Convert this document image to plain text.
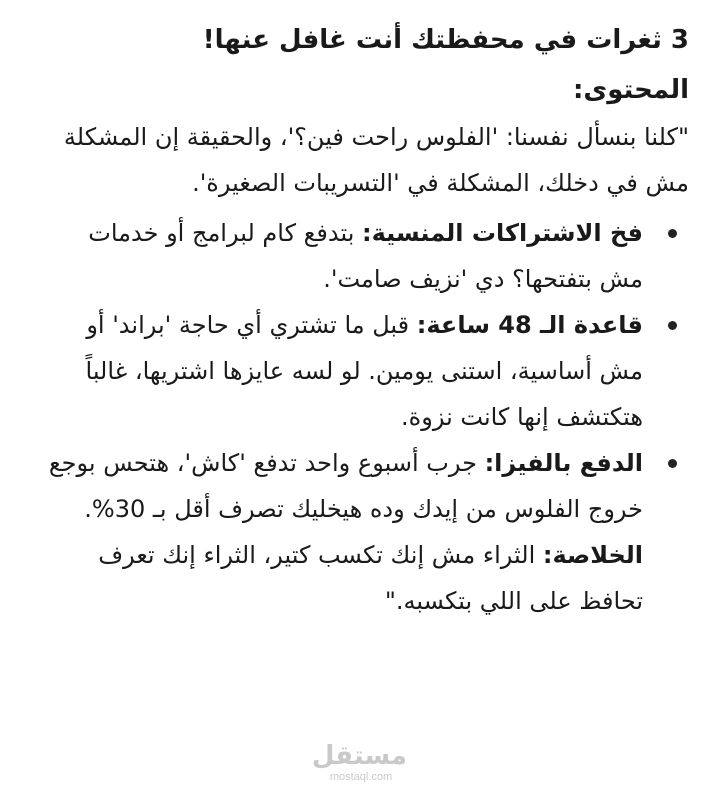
3 ثغرات في محفظتك أنت غافل عنها!

المحتوى:

"كلنا بنسأل نفسنا: 'الفلوس راحت فين؟'، والحقيقة إن المشكلة مش في دخلك، المشكلة في 'التسريبات الصغيرة'.

فخ الاشتراكات المنسية: بتدفع كام لبرامج أو خدمات مش بتفتحها؟ دي 'نزيف صامت'.
قاعدة الـ 48 ساعة: قبل ما تشتري أي حاجة 'براند' أو مش أساسية، استنى يومين. لو لسه عايزها اشتريها، غالباً هتكتشف إنها كانت نزوة.
الدفع بالفيزا: جرب أسبوع واحد تدفع 'كاش'، هتحس بوجع خروج الفلوس من إيدك وده هيخليك تصرف أقل بـ 30%. الخلاصة: الثراء مش إنك تكسب كتير، الثراء إنك تعرف تحافظ على اللي بتكسبه."
مستقل
mostaql.com
